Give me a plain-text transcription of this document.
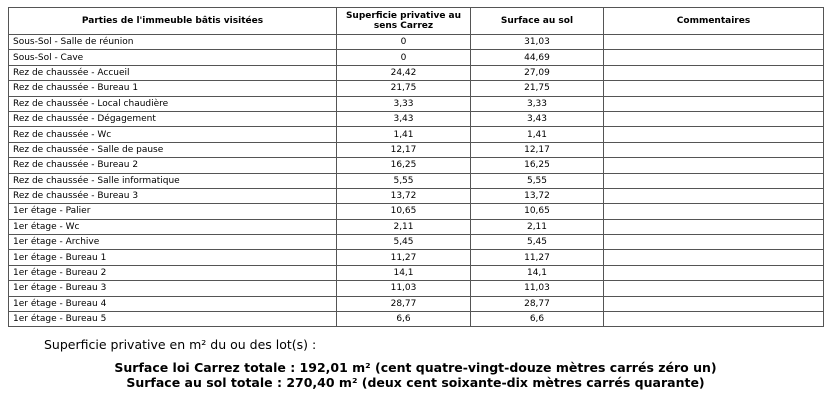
Parties de l'immeuble bâtis visitées	Superficie privative au sens Carrez	Surface au sol	Commentaires
Sous-Sol - Salle de réunion	0	31,03	
Sous-Sol - Cave	0	44,69	
Rez de chaussée - Accueil	24,42	27,09	
Rez de chaussée - Bureau 1	21,75	21,75	
Rez de chaussée - Local chaudière	3,33	3,33	
Rez de chaussée - Dégagement	3,43	3,43	
Rez de chaussée - Wc	1,41	1,41	
Rez de chaussée - Salle de pause	12,17	12,17	
Rez de chaussée - Bureau 2	16,25	16,25	
Rez de chaussée - Salle informatique	5,55	5,55	
Rez de chaussée - Bureau 3	13,72	13,72	
1er étage - Palier	10,65	10,65	
1er étage - Wc	2,11	2,11	
1er étage - Archive	5,45	5,45	
1er étage - Bureau 1	11,27	11,27	
1er étage - Bureau 2	14,1	14,1	
1er étage - Bureau 3	11,03	11,03	
1er étage - Bureau 4	28,77	28,77	
1er étage - Bureau 5	6,6	6,6	
Superficie privative en m² du ou des lot(s) :
Surface loi Carrez totale : 192,01 m² (cent quatre-vingt-douze mètres carrés zéro un)
Surface au sol totale : 270,40 m² (deux cent soixante-dix mètres carrés quarante)
